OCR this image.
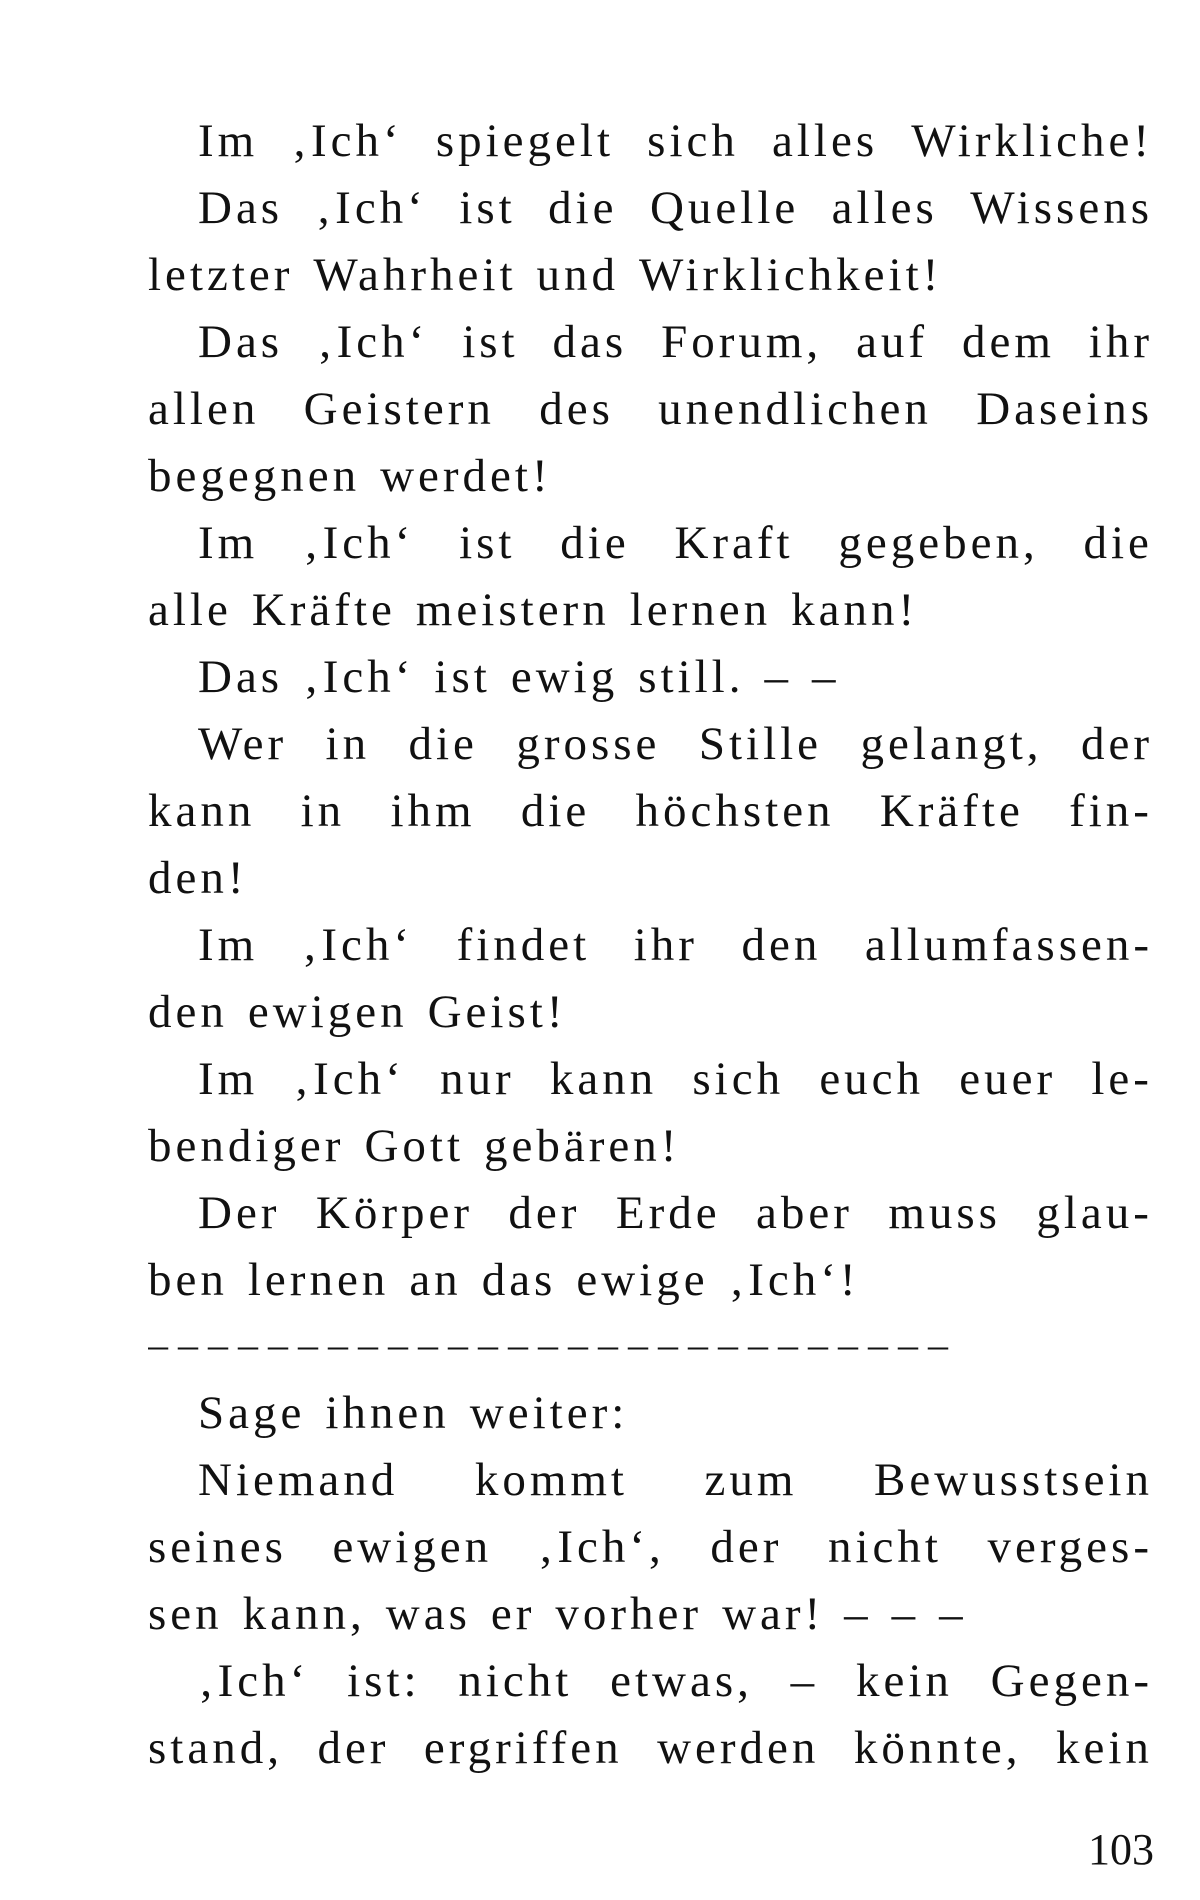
Im ‚Ich‘ spiegelt sich alles Wirkliche!
Das ‚Ich‘ ist die Quelle alles Wissens
letzter Wahrheit und Wirklichkeit!
Das ‚Ich‘ ist das Forum, auf dem ihr
allen Geistern des unendlichen Daseins
begegnen werdet!
Im ‚Ich‘ ist die Kraft gegeben, die
alle Kräfte meistern lernen kann!
Das ‚Ich‘ ist ewig still. – –
Wer in die grosse Stille gelangt, der
kann in ihm die höchsten Kräfte fin-
den!
Im ‚Ich‘ findet ihr den allumfassen-
den ewigen Geist!
Im ‚Ich‘ nur kann sich euch euer le-
bendiger Gott gebären!
Der Körper der Erde aber muss glau-
ben lernen an das ewige ‚Ich‘!
– – – – – – – – – – – – – – – – – – – – – – – – – – –
Sage ihnen weiter:
Niemand kommt zum Bewusstsein
seines ewigen ‚Ich‘, der nicht verges-
sen kann, was er vorher war! – – –
‚Ich‘ ist: nicht etwas, – kein Gegen-
stand, der ergriffen werden könnte, kein
103
